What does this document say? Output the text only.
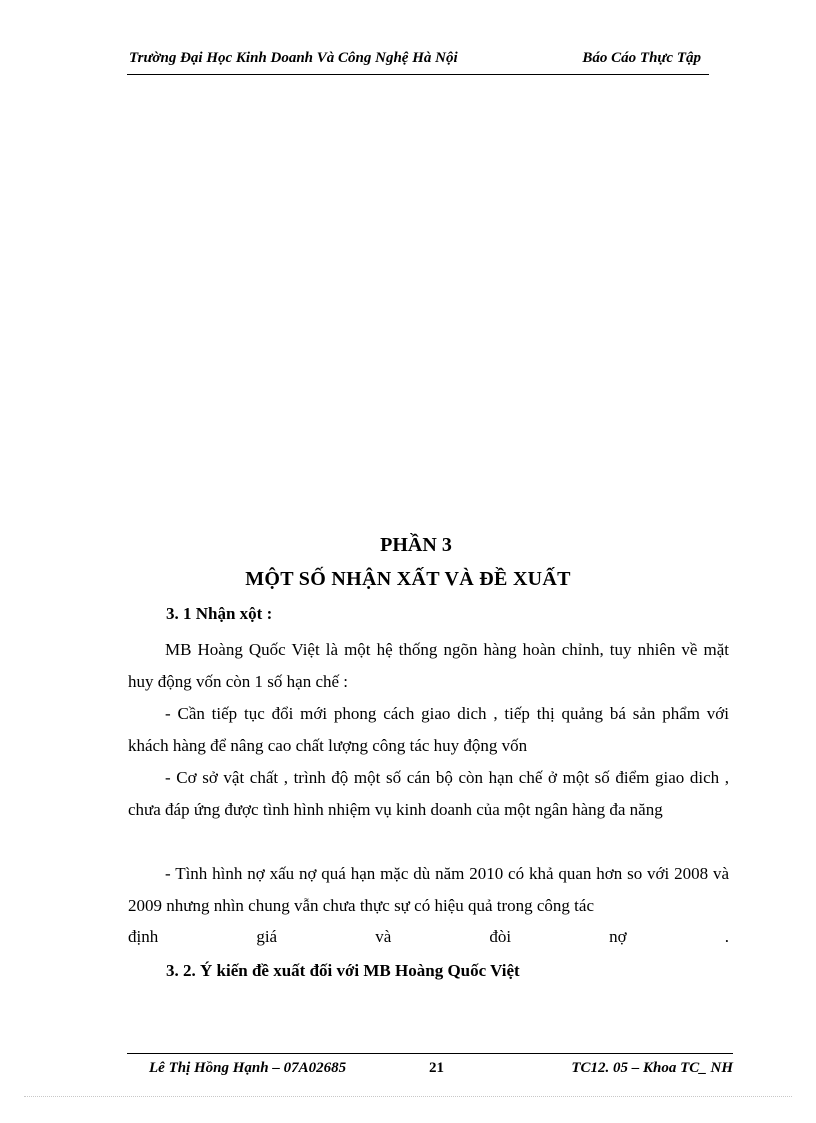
Trường Đại Học Kinh Doanh Và Công Nghệ Hà Nội	Báo Cáo Thực Tập
PHẦN 3
MỘT SỐ NHẬN XẤT VÀ ĐỀ XUẤT
3. 1 Nhận xột :

MB Hoàng Quốc Việt là một hệ thống ngõn hàng hoàn chỉnh, tuy nhiên về mặt huy động vốn còn 1 số hạn chế :

- Cần tiếp tục đổi mới phong cách giao dich , tiếp thị quảng bá sản phẩm với khách hàng để nâng cao chất lượng công tác huy động vốn

- Cơ sở vật chất , trình độ một số cán bộ còn hạn chế ở một số điểm giao dich , chưa đáp ứng được tình hình nhiệm vụ kinh doanh của một ngân hàng đa năng

- Tình hình nợ xấu nợ quá hạn mặc dù năm 2010 có khả quan hơn so với 2008 và 2009 nhưng nhìn chung vẫn chưa thực sự có hiệu quả trong công tác
định giá và đòi nợ .
3. 2. Ý kiến đề xuất đối với MB Hoàng Quốc Việt
Lê Thị Hồng Hạnh – 07A02685	21	TC12. 05 – Khoa TC_ NH
